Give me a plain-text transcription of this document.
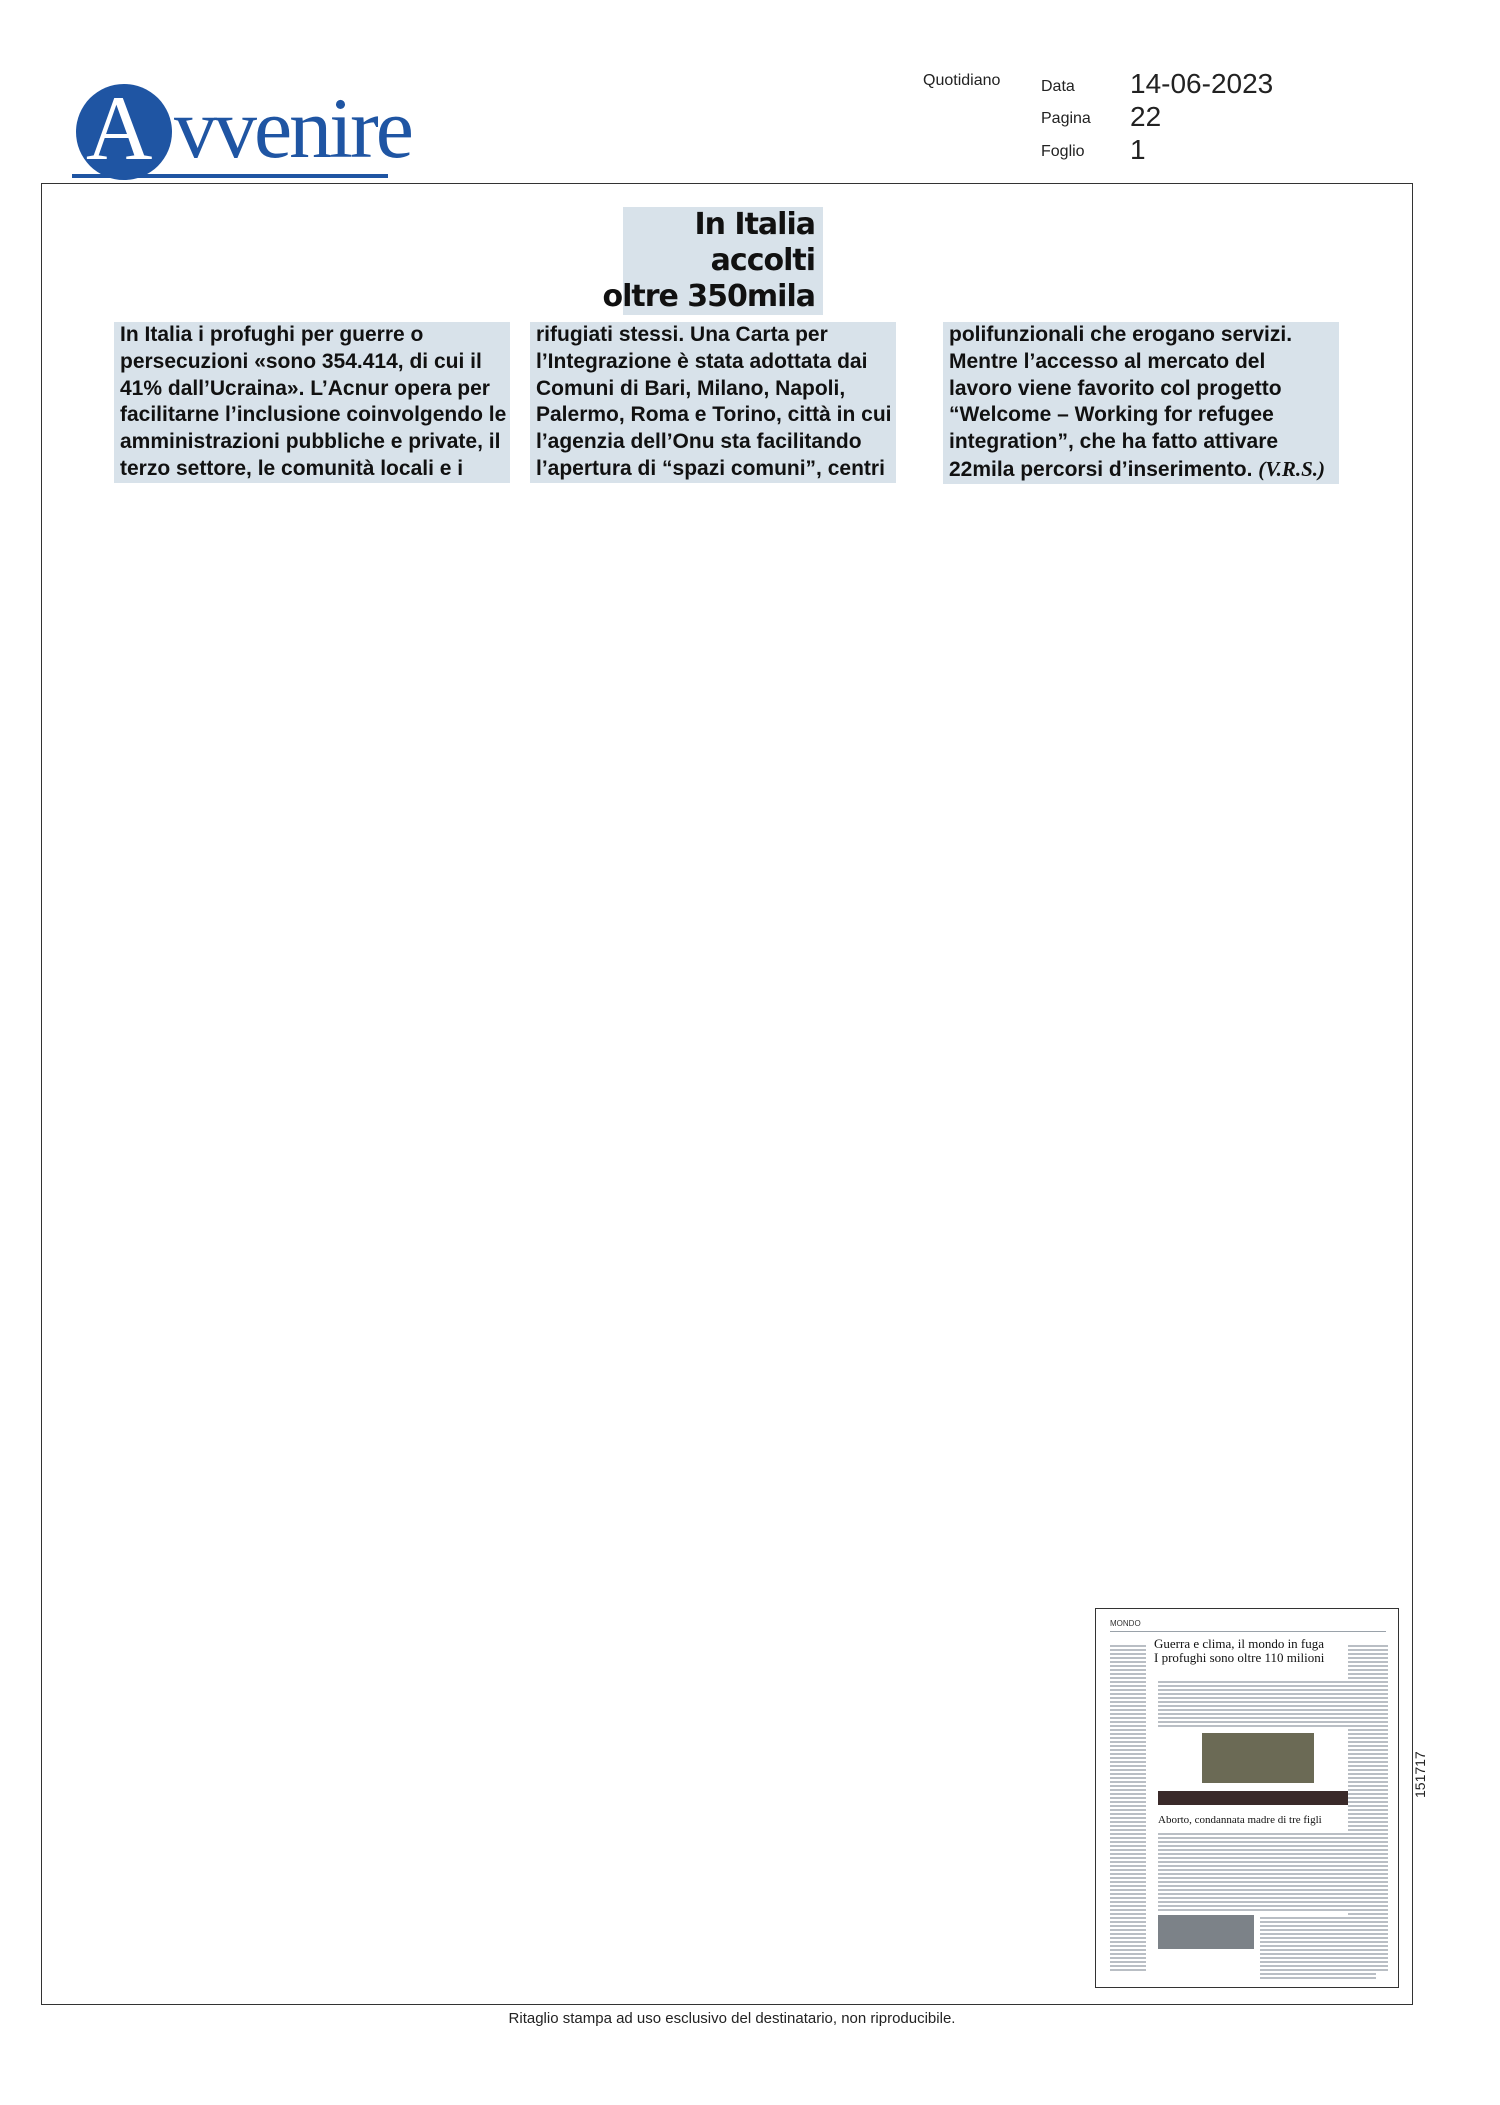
A vvenire	Quotidiano	Data 14-06-2023
Pagina 22
Foglio 1
In Italia
accolti
oltre 350mila
In Italia i profughi per guerre o
persecuzioni «sono 354.414, di cui il
41% dall’Ucraina». L’Acnur opera per
facilitarne l’inclusione coinvolgendo le
amministrazioni pubbliche e private, il
terzo settore, le comunità locali e i
rifugiati stessi. Una Carta per
l’Integrazione è stata adottata dai
Comuni di Bari, Milano, Napoli,
Palermo, Roma e Torino, città in cui
l’agenzia dell’Onu sta facilitando
l’apertura di “spazi comuni”, centri
polifunzionali che erogano servizi.
Mentre l’accesso al mercato del
lavoro viene favorito col progetto
“Welcome – Working for refugee
integration”, che ha fatto attivare
22mila percorsi d’inserimento. (V.R.S.)
MONDO
Guerra e clima, il mondo in fuga
I profughi sono oltre 110 milioni
Aborto, condannata madre di tre figli
151717
Ritaglio stampa ad uso esclusivo del destinatario, non riproducibile.
